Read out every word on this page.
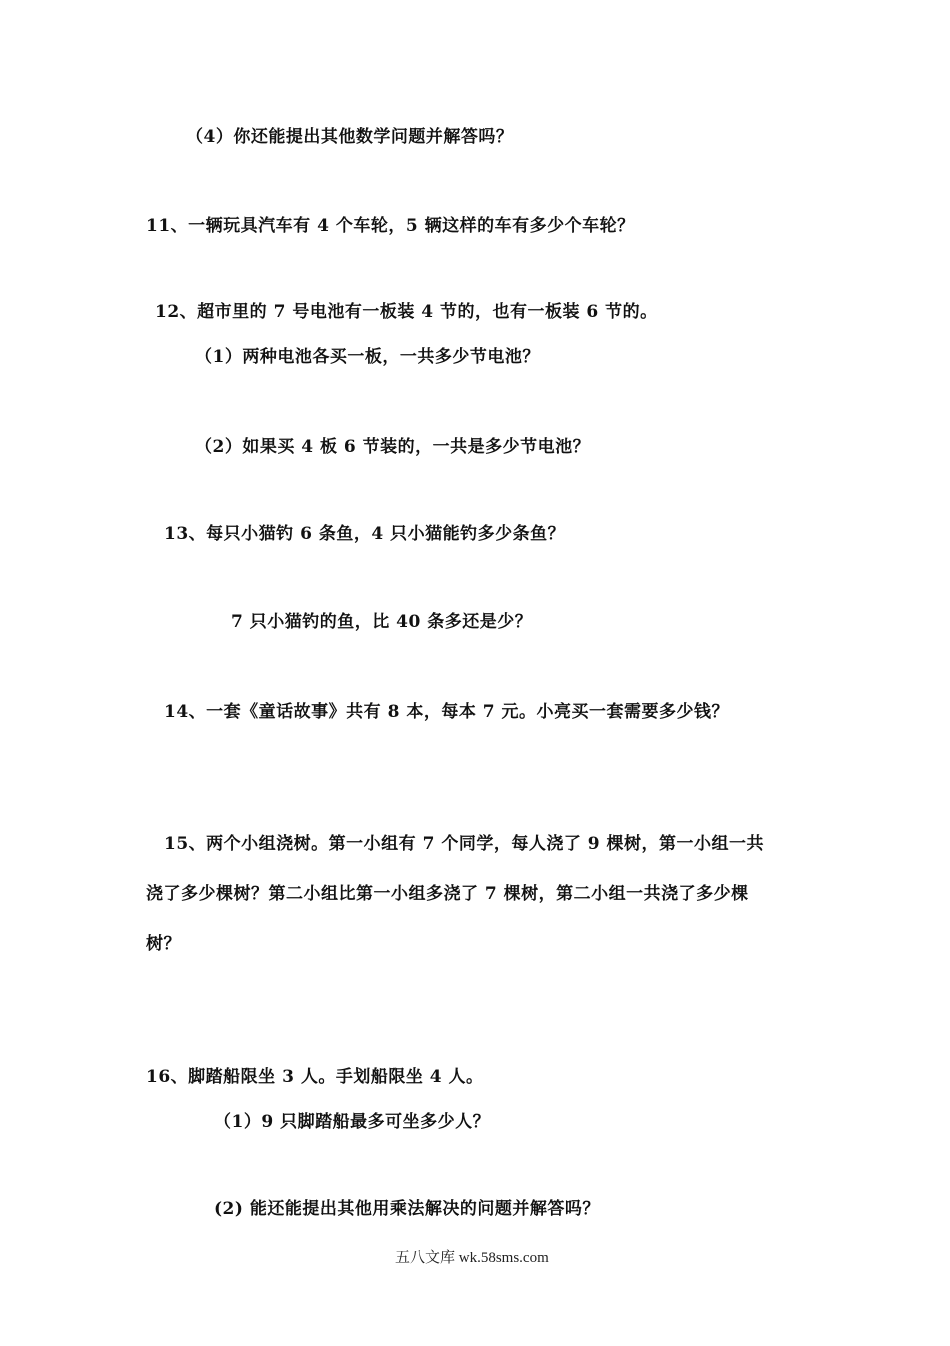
（4）你还能提出其他数学问题并解答吗？
11、一辆玩具汽车有 4 个车轮，5 辆这样的车有多少个车轮？
12、超市里的 7 号电池有一板装 4 节的，也有一板装 6 节的。
（1）两种电池各买一板，一共多少节电池？
（2）如果买 4 板 6 节装的，一共是多少节电池？
13、每只小猫钓 6 条鱼，4 只小猫能钓多少条鱼？
7 只小猫钓的鱼，比 40 条多还是少？
14、一套《童话故事》共有 8 本，每本 7 元。小亮买一套需要多少钱？
15、两个小组浇树。第一小组有 7 个同学，每人浇了 9 棵树，第一小组一共
浇了多少棵树？第二小组比第一小组多浇了 7 棵树，第二小组一共浇了多少棵
树？
16、脚踏船限坐 3 人。手划船限坐 4 人。
（1）9 只脚踏船最多可坐多少人？
(2) 能还能提出其他用乘法解决的问题并解答吗？
五八文库 wk.58sms.com
